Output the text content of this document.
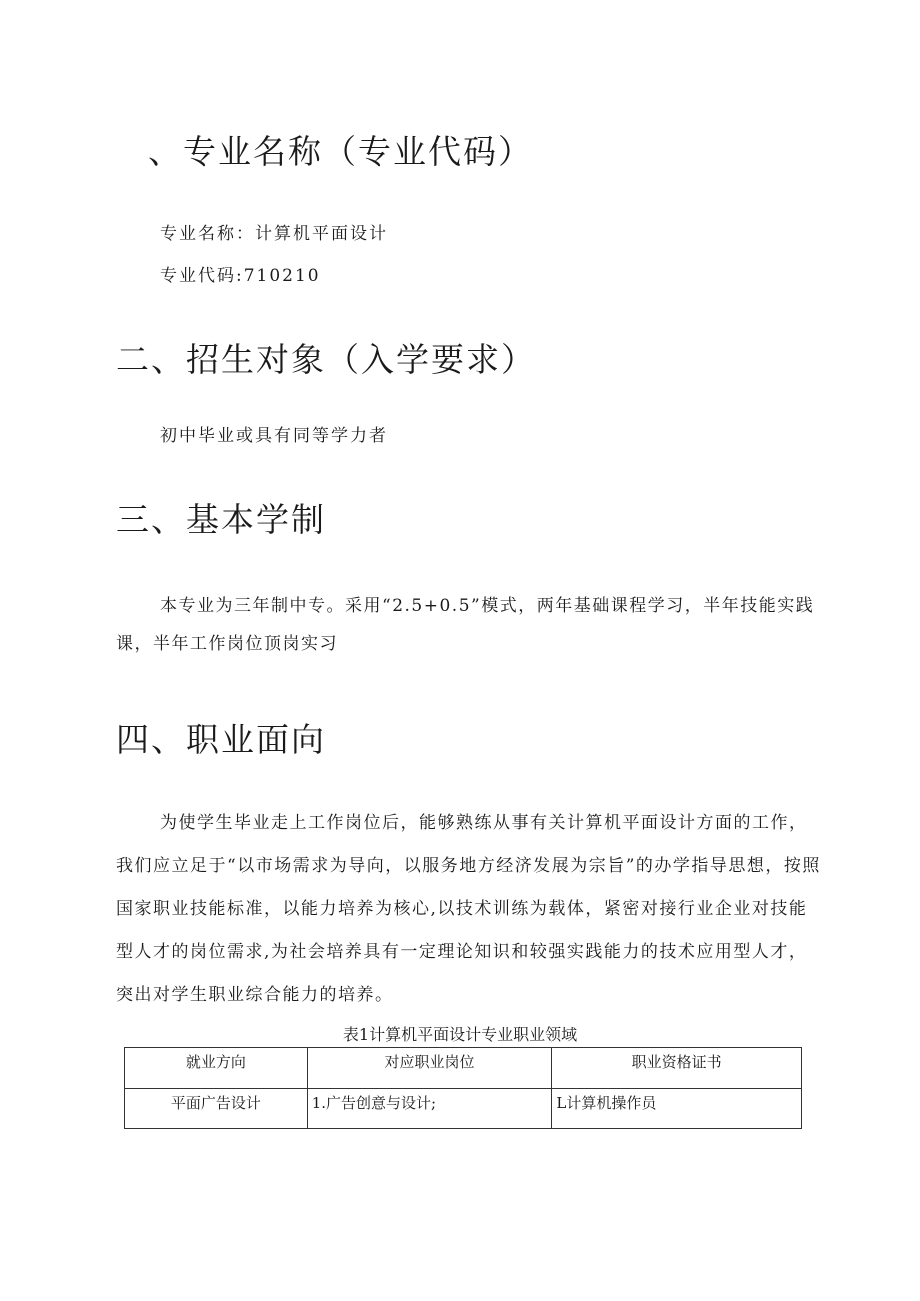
、专业名称（专业代码）

专业名称：计算机平面设计

专业代码:710210

二、招生对象（入学要求）

初中毕业或具有同等学力者

三、基本学制

本专业为三年制中专。采用“2.5+0.5”模式，两年基础课程学习，半年技能实践课，半年工作岗位顶岗实习

四、职业面向

为使学生毕业走上工作岗位后，能够熟练从事有关计算机平面设计方面的工作，我们应立足于“以市场需求为导向，以服务地方经济发展为宗旨”的办学指导思想，按照国家职业技能标准，以能力培养为核心,以技术训练为载体，紧密对接行业企业对技能型人才的岗位需求,为社会培养具有一定理论知识和较强实践能力的技术应用型人才，突出对学生职业综合能力的培养。

表1计算机平面设计专业职业领域

就业方向	对应职业岗位	职业资格证书
平面广告设计	1.广告创意与设计;	L计算机操作员
